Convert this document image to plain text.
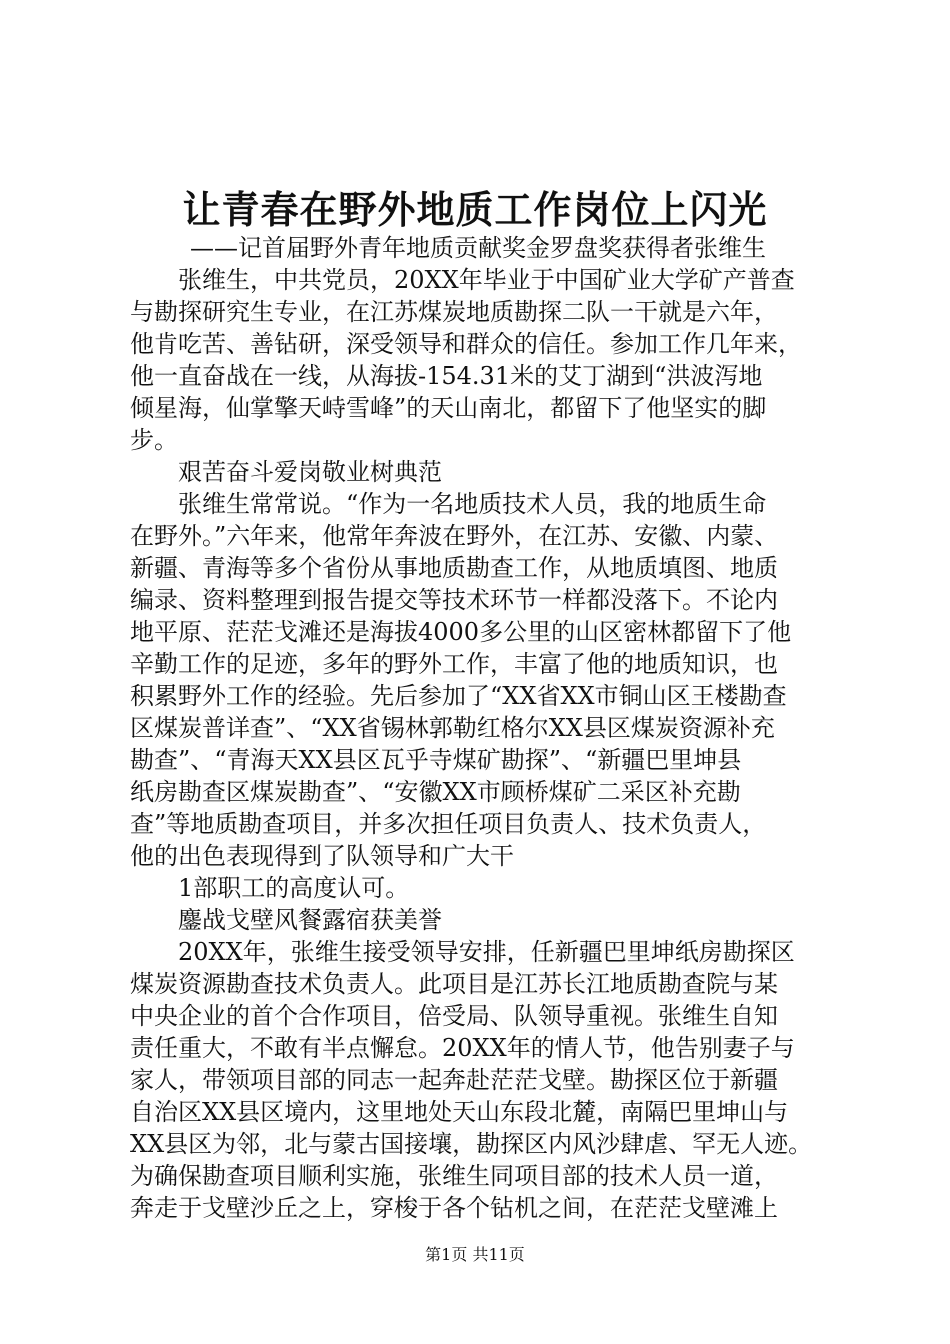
让青春在野外地质工作岗位上闪光
——记首届野外青年地质贡献奖金罗盘奖获得者张维生
张维生，中共党员，20XX年毕业于中国矿业大学矿产普查
与勘探研究生专业，在江苏煤炭地质勘探二队一干就是六年，
他肯吃苦、善钻研，深受领导和群众的信任。参加工作几年来，
他一直奋战在一线，从海拔-154.31米的艾丁湖到“洪波泻地
倾星海，仙掌擎天峙雪峰”的天山南北，都留下了他坚实的脚
步。
艰苦奋斗爱岗敬业树典范
张维生常常说。“作为一名地质技术人员，我的地质生命
在野外。”六年来，他常年奔波在野外，在江苏、安徽、内蒙、
新疆、青海等多个省份从事地质勘查工作，从地质填图、地质
编录、资料整理到报告提交等技术环节一样都没落下。不论内
地平原、茫茫戈滩还是海拔4000多公里的山区密林都留下了他
辛勤工作的足迹，多年的野外工作，丰富了他的地质知识，也
积累野外工作的经验。先后参加了“XX省XX市铜山区王楼勘查
区煤炭普详查”、“XX省锡林郭勒红格尔XX县区煤炭资源补充
勘查”、“青海天XX县区瓦乎寺煤矿勘探”、“新疆巴里坤县
纸房勘查区煤炭勘查”、“安徽XX市顾桥煤矿二采区补充勘
查”等地质勘查项目，并多次担任项目负责人、技术负责人，
他的出色表现得到了队领导和广大干
1部职工的高度认可。
鏖战戈壁风餐露宿获美誉
20XX年，张维生接受领导安排，任新疆巴里坤纸房勘探区
煤炭资源勘查技术负责人。此项目是江苏长江地质勘查院与某
中央企业的首个合作项目，倍受局、队领导重视。张维生自知
责任重大，不敢有半点懈怠。20XX年的情人节，他告别妻子与
家人，带领项目部的同志一起奔赴茫茫戈壁。勘探区位于新疆
自治区XX县区境内，这里地处天山东段北麓，南隔巴里坤山与
XX县区为邻，北与蒙古国接壤，勘探区内风沙肆虐、罕无人迹。
为确保勘查项目顺利实施，张维生同项目部的技术人员一道，
奔走于戈壁沙丘之上，穿梭于各个钻机之间，在茫茫戈壁滩上
第1页 共11页
